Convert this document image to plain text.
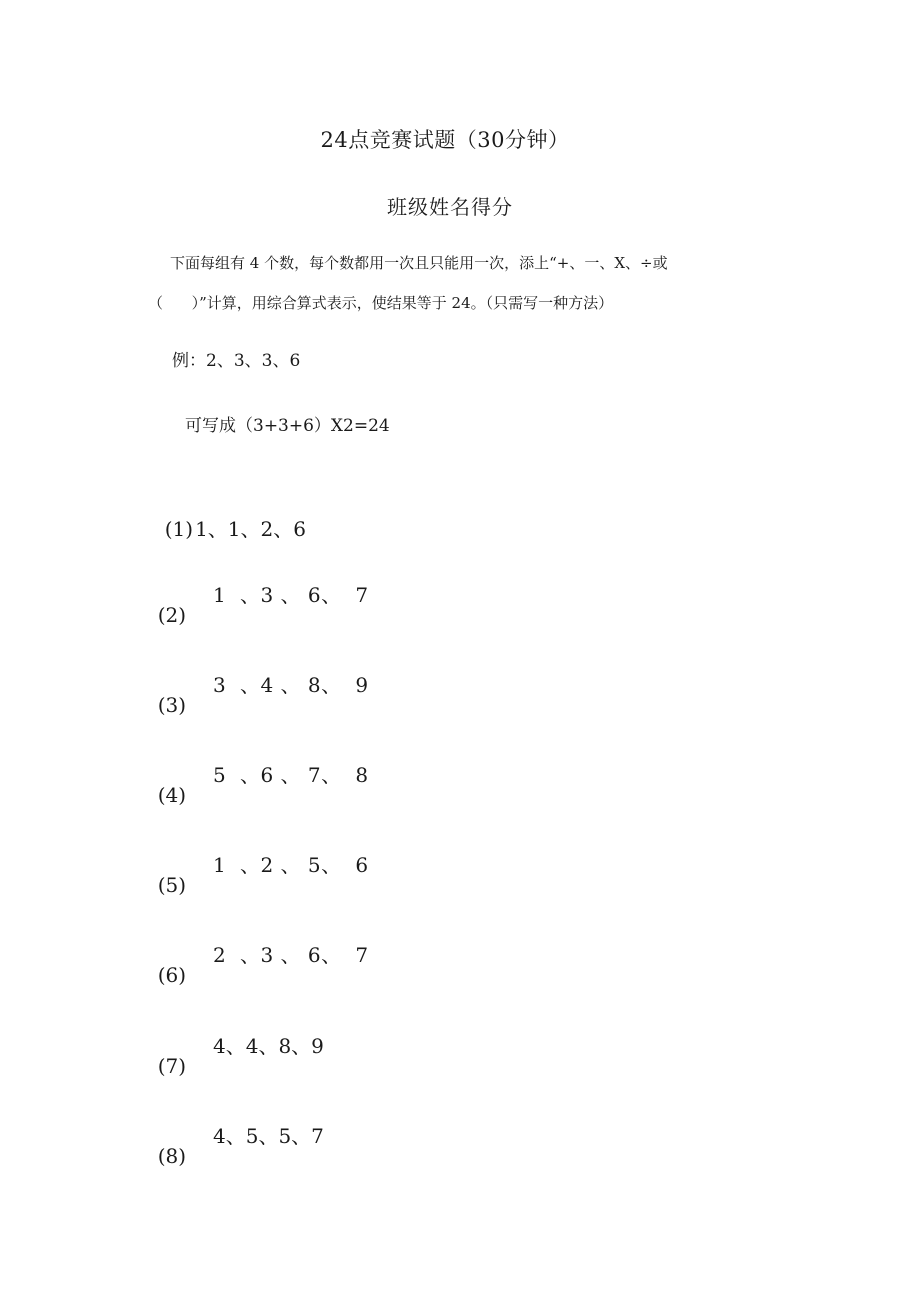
24点竞赛试题（30分钟）
班级姓名得分
下面每组有 4 个数，每个数都用一次且只能用一次，添上“+、一、X、÷或
（      ）”计算，用综合算式表示，使结果等于 24。（只需写一种方法）
例：2、3、3、6
可写成（3+3+6）X2=24

(1) 1、1、2、6

(2)

1  、3 、 6、  7

(3)

3  、4 、 8、  9

(4)

5  、6 、 7、  8

(5)

1  、2 、 5、  6

(6)

2  、3 、 6、  7

(7)

4、4、8、9

(8)

4、5、5、7
